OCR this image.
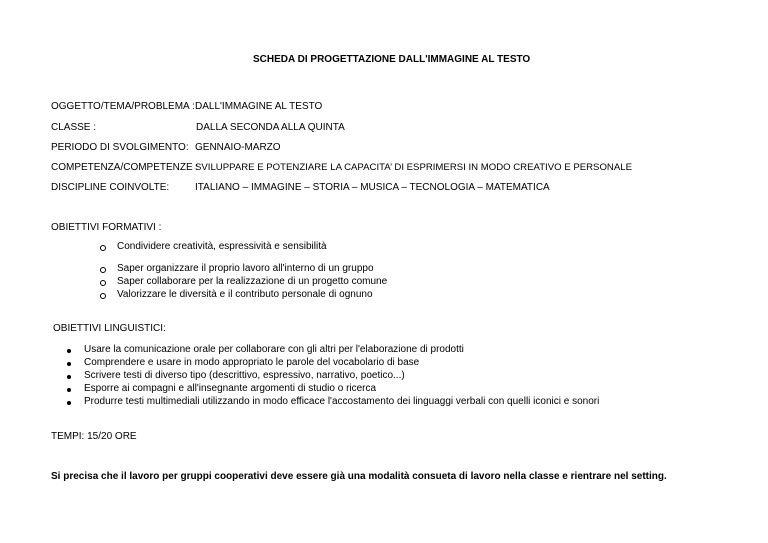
SCHEDA DI PROGETTAZIONE DALL'IMMAGINE AL TESTO
OGGETTO/TEMA/PROBLEMA : DALL'IMMAGINE AL TESTO
CLASSE :	DALLA SECONDA ALLA QUINTA
PERIODO DI SVOLGIMENTO: GENNAIO-MARZO
COMPETENZA/COMPETENZE :
SVILUPPARE E POTENZIARE LA CAPACITA’ DI ESPRIMERSI IN MODO CREATIVO E PERSONALE
DISCIPLINE COINVOLTE:	ITALIANO – IMMAGINE – STORIA – MUSICA – TECNOLOGIA – MATEMATICA
OBIETTIVI FORMATIVI :
Condividere creatività, espressività e sensibilità
Saper organizzare il proprio lavoro all'interno di un gruppo
Saper collaborare per la realizzazione di un progetto comune
Valorizzare le diversità e il contributo personale di ognuno
OBIETTIVI LINGUISTICI:
Usare la comunicazione orale per collaborare con gli altri per l'elaborazione di prodotti
Comprendere e usare in modo appropriato le parole del vocabolario di base
Scrivere testi di diverso tipo (descrittivo, espressivo, narrativo, poetico...)
Esporre ai compagni e all'insegnante argomenti di studio o ricerca
Produrre testi multimediali utilizzando in modo efficace l'accostamento dei linguaggi verbali con quelli iconici e sonori
TEMPI: 15/20 ORE
Si precisa che il lavoro per gruppi cooperativi deve essere già una modalità consueta di lavoro nella classe e rientrare nel setting.
